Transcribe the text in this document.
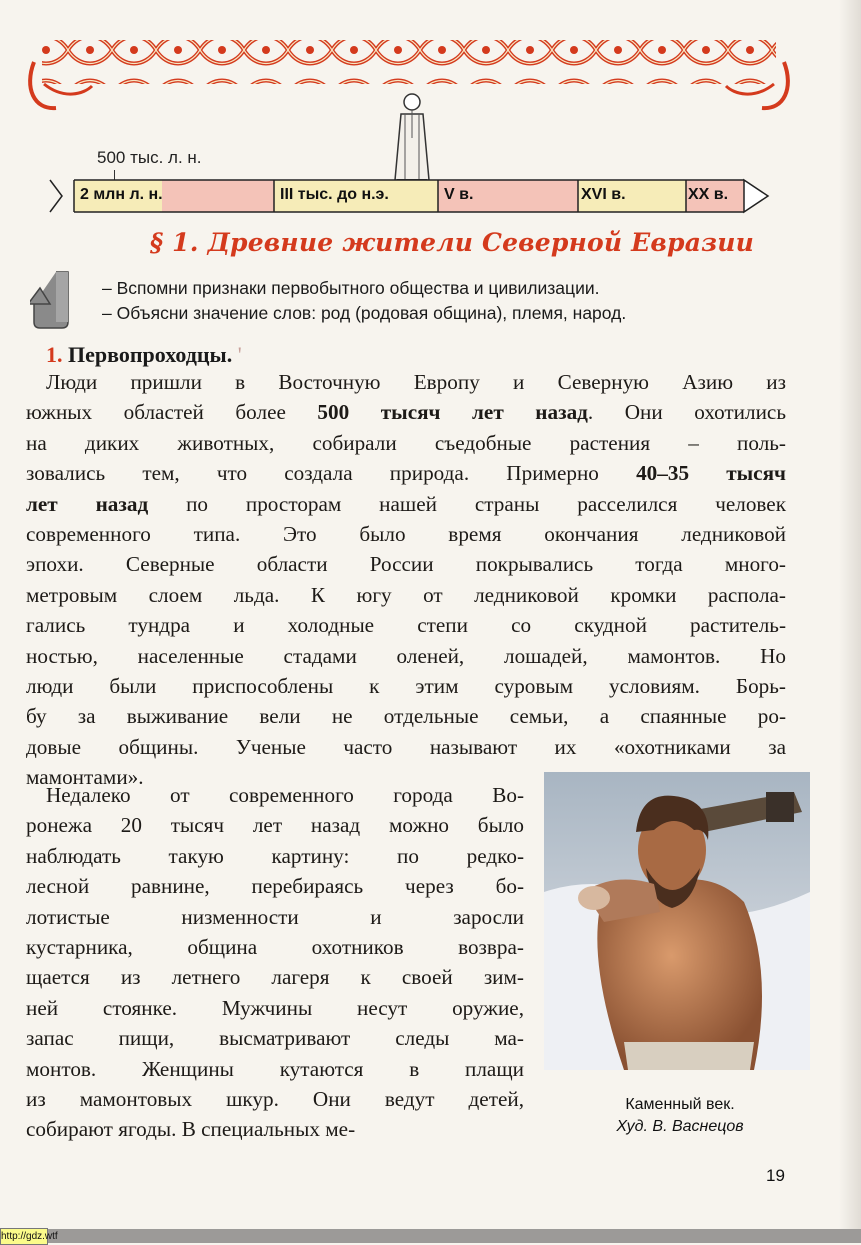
500 тыс. л. н.
2 млн л. н.	III тыс. до н.э.	V в.	XVI в.	XX в.
§ 1. Древние жители Северной Евразии
– Вспомни признаки первобытного общества и цивилизации.
– Объясни значение слов: род (родовая община), племя, народ.
1. Первопроходцы. '
Люди пришли в Восточную Европу и Северную Азию из
южных областей более 500 тысяч лет назад. Они охотились
на диких животных, собирали съедобные растения – поль-
зовались тем, что создала природа. Примерно 40–35 тысяч
лет назад по просторам нашей страны расселился человек
современного типа. Это было время окончания ледниковой
эпохи. Северные области России покрывались тогда много-
метровым слоем льда. К югу от ледниковой кромки распола-
гались тундра и холодные степи со скудной раститель-
ностью, населенные стадами оленей, лошадей, мамонтов. Но
люди были приспособлены к этим суровым условиям. Борь-
бу за выживание вели не отдельные семьи, а спаянные ро-
довые общины. Ученые часто называют их «охотниками за
мамонтами».
Недалеко от современного города Во-
ронежа 20 тысяч лет назад можно было
наблюдать такую картину: по редко-
лесной равнине, перебираясь через бо-
лотистые низменности и заросли
кустарника, община охотников возвра-
щается из летнего лагеря к своей зим-
ней стоянке. Мужчины несут оружие,
запас пищи, высматривают следы ма-
монтов. Женщины кутаются в плащи
из мамонтовых шкур. Они ведут детей,
собирают ягоды. В специальных ме-
Каменный век.
Худ. В. Васнецов
19
http://gdz.wtf
